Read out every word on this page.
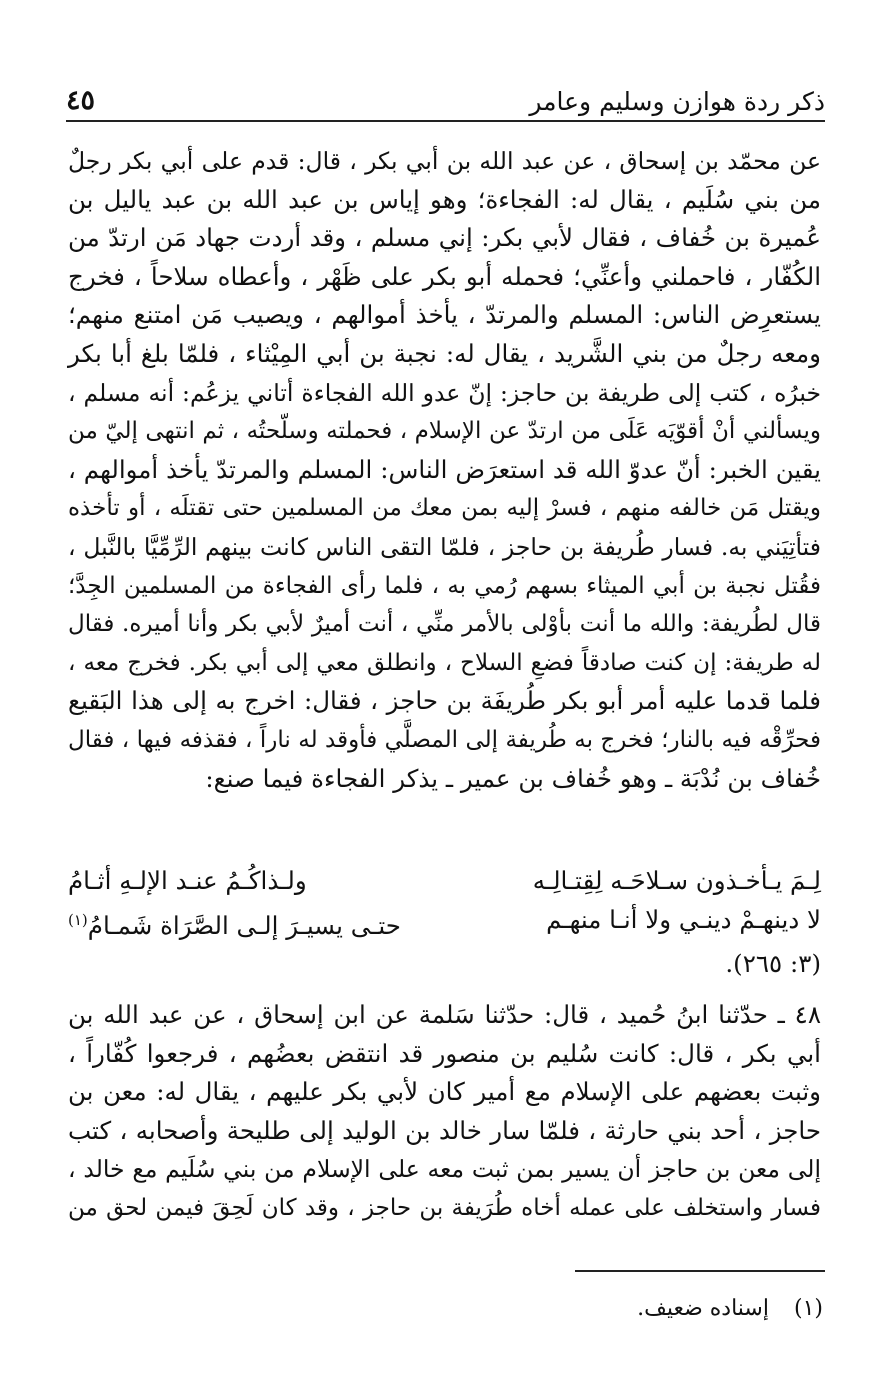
ذكر ردة هوازن وسليم وعامر
٤٥
عن محمّد بن إسحاق ، عن عبد الله بن أبي بكر ، قال: قدم على أبي بكر رجلٌ
من بني سُلَيم ، يقال له: الفجاءة؛ وهو إياس بن عبد الله بن عبد ياليل بن
عُميرة بن خُفاف ، فقال لأبي بكر: إني مسلم ، وقد أردت جهاد مَن ارتدّ من
الكُفّار ، فاحملني وأعنِّي؛ فحمله أبو بكر على ظَهْر ، وأعطاه سلاحاً ، فخرج
يستعرِض الناس: المسلم والمرتدّ ، يأخذ أموالهم ، ويصيب مَن امتنع منهم؛
ومعه رجلٌ من بني الشَّريد ، يقال له: نجبة بن أبي المِيْثاء ، فلمّا بلغ أبا بكر
خبرُه ، كتب إلى طريفة بن حاجز: إنّ عدو الله الفجاءة أتاني يزعُم: أنه مسلم ،
ويسألني أنْ أقوّيَه عَلَى من ارتدّ عن الإسلام ، فحملته وسلّحتُه ، ثم انتهى إليّ من
يقين الخبر: أنّ عدوّ الله قد استعرَض الناس: المسلم والمرتدّ يأخذ أموالهم ،
ويقتل مَن خالفه منهم ، فسرْ إليه بمن معك من المسلمين حتى تقتلَه ، أو تأخذه
فتأتِيَني به. فسار طُريفة بن حاجز ، فلمّا التقى الناس كانت بينهم الرِّمِّيَّا بالنَّبل ،
فقُتل نجبة بن أبي الميثاء بسهم رُمي به ، فلما رأى الفجاءة من المسلمين الجِدَّ؛
قال لطُريفة: والله ما أنت بأوْلى بالأمر منِّي ، أنت أميرٌ لأبي بكر وأنا أميره. فقال
له طريفة: إن كنت صادقاً فضعِ السلاح ، وانطلق معي إلى أبي بكر. فخرج معه ،
فلما قدما عليه أمر أبو بكر طُريفَة بن حاجز ، فقال: اخرج به إلى هذا البَقيع
فحرِّقْه فيه بالنار؛ فخرج به طُريفة إلى المصلَّي فأوقد له ناراً ، فقذفه فيها ، فقال
خُفاف بن نُدْبَة ـ وهو خُفاف بن عمير ـ يذكر الفجاءة فيما صنع:
لِـمَ يـأخـذون سـلاحَـه لِقِتـالِـه
ولـذاكُـمُ عنـد الإلـهِ أثـامُ
لا دينهـمْ دينـي ولا أنـا منهـم
حتـى يسيـرَ إلـى الصَّرَاة شَمـامُ$^{(١)}$
(٣: ٢٦٥).
٤٨ ـ حدّثنا ابنُ حُميد ، قال: حدّثنا سَلمة عن ابن إسحاق ، عن عبد الله بن
أبي بكر ، قال: كانت سُليم بن منصور قد انتقض بعضُهم ، فرجعوا كُفّاراً ،
وثبت بعضهم على الإسلام مع أمير كان لأبي بكر عليهم ، يقال له: معن بن
حاجز ، أحد بني حارثة ، فلمّا سار خالد بن الوليد إلى طليحة وأصحابه ، كتب
إلى معن بن حاجز أن يسير بمن ثبت معه على الإسلام من بني سُلَيم مع خالد ،
فسار واستخلف على عمله أخاه طُرَيفة بن حاجز ، وقد كان لَحِقَ فيمن لحق من
(١) إسناده ضعيف.
